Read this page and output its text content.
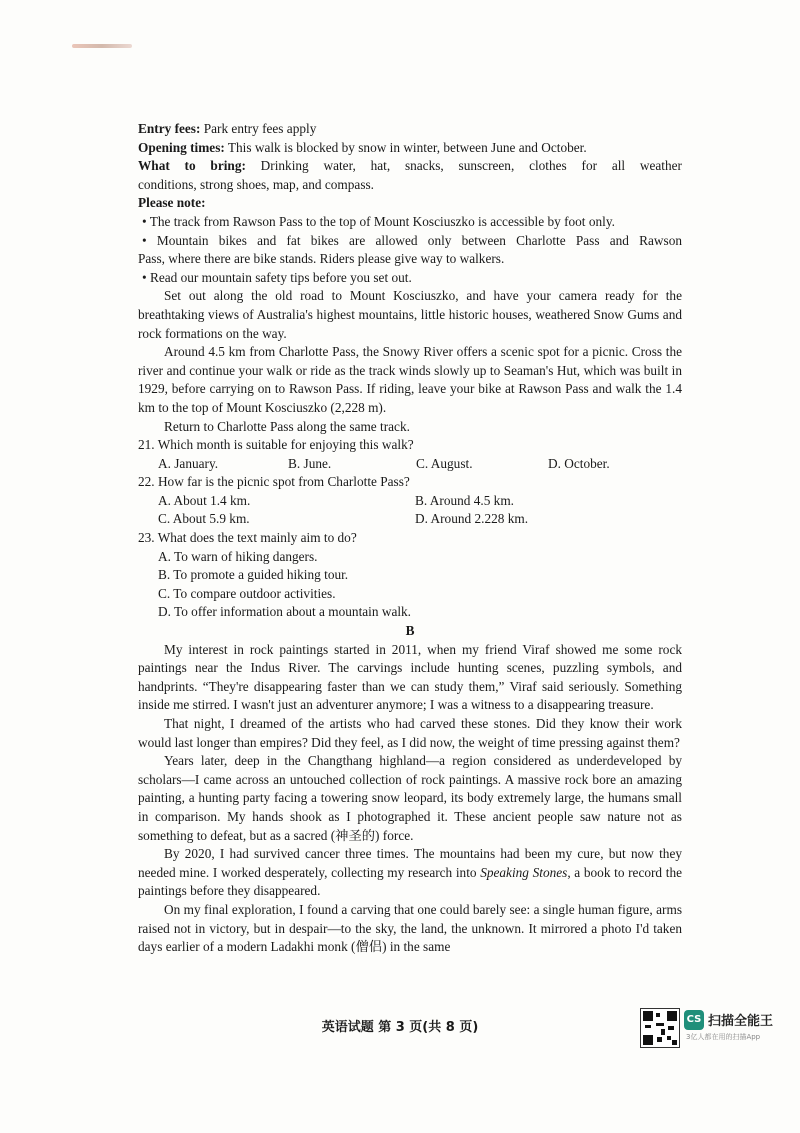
Entry fees: Park entry fees apply

Opening times: This walk is blocked by snow in winter, between June and October.

What to bring: Drinking water, hat, snacks, sunscreen, clothes for all weather

conditions, strong shoes, map, and compass.

Please note:

• The track from Rawson Pass to the top of Mount Kosciuszko is accessible by foot only.

• Mountain bikes and fat bikes are allowed only between Charlotte Pass and Rawson

Pass, where there are bike stands. Riders please give way to walkers.

• Read our mountain safety tips before you set out.

Set out along the old road to Mount Kosciuszko, and have your camera ready for the breathtaking views of Australia's highest mountains, little historic houses, weathered Snow Gums and rock formations on the way.

Around 4.5 km from Charlotte Pass, the Snowy River offers a scenic spot for a picnic. Cross the river and continue your walk or ride as the track winds slowly up to Seaman's Hut, which was built in 1929, before carrying on to Rawson Pass. If riding, leave your bike at Rawson Pass and walk the 1.4 km to the top of Mount Kosciuszko (2,228 m).

Return to Charlotte Pass along the same track.

21. Which month is suitable for enjoying this walk?

A. January.	B. June.	C. August.	D. October.

22. How far is the picnic spot from Charlotte Pass?

A. About 1.4 km.	B. Around 4.5 km.
C. About 5.9 km.	D. Around 2.228 km.

23. What does the text mainly aim to do?

A. To warn of hiking dangers.

B. To promote a guided hiking tour.

C. To compare outdoor activities.

D. To offer information about a mountain walk.

B

My interest in rock paintings started in 2011, when my friend Viraf showed me some rock paintings near the Indus River. The carvings include hunting scenes, puzzling symbols, and handprints. “They're disappearing faster than we can study them,” Viraf said seriously. Something inside me stirred. I wasn't just an adventurer anymore; I was a witness to a disappearing treasure.

That night, I dreamed of the artists who had carved these stones. Did they know their work would last longer than empires? Did they feel, as I did now, the weight of time pressing against them?

Years later, deep in the Changthang highland—a region considered as underdeveloped by scholars—I came across an untouched collection of rock paintings. A massive rock bore an amazing painting, a hunting party facing a towering snow leopard, its body extremely large, the humans small in comparison. My hands shook as I photographed it. These ancient people saw nature not as something to defeat, but as a sacred (神圣的) force.

By 2020, I had survived cancer three times. The mountains had been my cure, but now they needed mine. I worked desperately, collecting my research into Speaking Stones, a book to record the paintings before they disappeared.

On my final exploration, I found a carving that one could barely see: a single human figure, arms raised not in victory, but in despair—to the sky, the land, the unknown. It mirrored a photo I'd taken days earlier of a modern Ladakhi monk (僧侣) in the same

英语试题 第 3 页(共 8 页)
CS 扫描全能王
3亿人都在用的扫描App
